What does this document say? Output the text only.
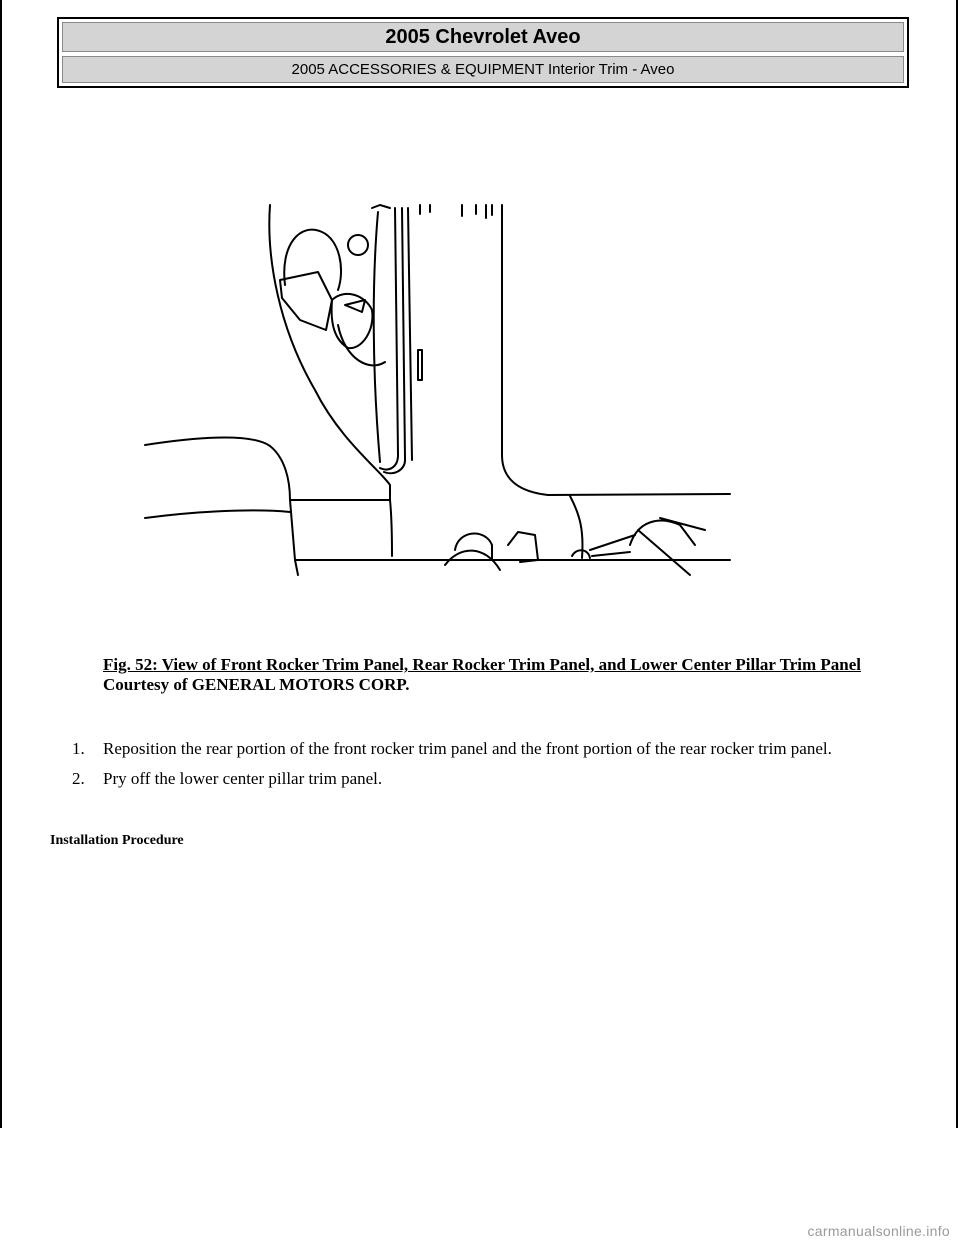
2005 Chevrolet Aveo
2005 ACCESSORIES & EQUIPMENT Interior Trim - Aveo
Fig. 52: View of Front Rocker Trim Panel, Rear Rocker Trim Panel, and Lower Center Pillar Trim Panel
Courtesy of GENERAL MOTORS CORP.
1. Reposition the rear portion of the front rocker trim panel and the front portion of the rear rocker trim panel.
2. Pry off the lower center pillar trim panel.
Installation Procedure
carmanualsonline.info
